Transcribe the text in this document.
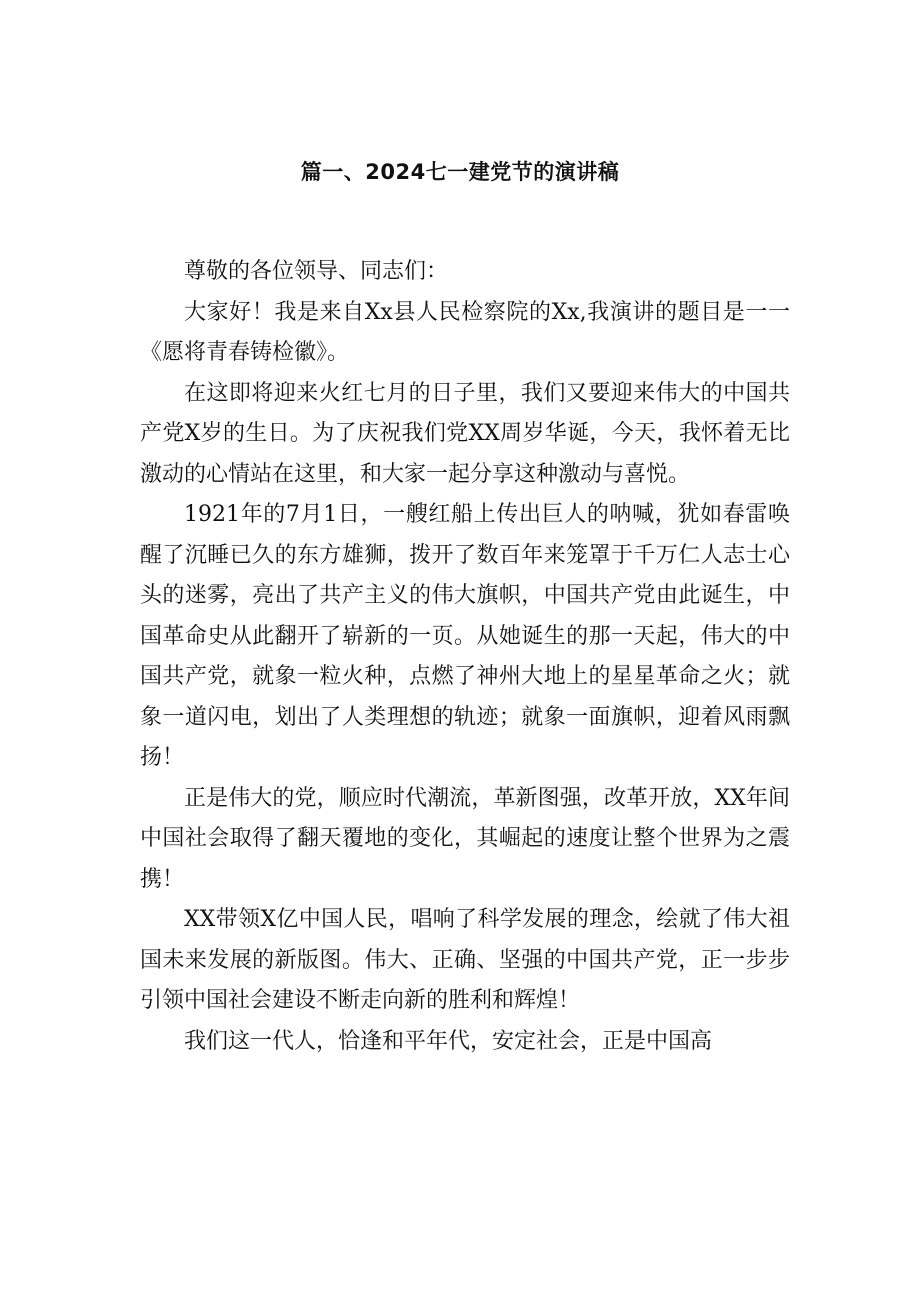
篇一、2024七一建党节的演讲稿

尊敬的各位领导、同志们：

大家好！我是来自Xx县人民检察院的Xx,我演讲的题目是一一《愿将青春铸检徽》。

在这即将迎来火红七月的日子里，我们又要迎来伟大的中国共产党X岁的生日。为了庆祝我们党XX周岁华诞，今天，我怀着无比激动的心情站在这里，和大家一起分享这种激动与喜悦。

1921年的7月1日，一艘红船上传出巨人的呐喊，犹如春雷唤醒了沉睡已久的东方雄狮，拨开了数百年来笼罩于千万仁人志士心头的迷雾，亮出了共产主义的伟大旗帜，中国共产党由此诞生，中国革命史从此翻开了崭新的一页。从她诞生的那一天起，伟大的中国共产党，就象一粒火种，点燃了神州大地上的星星革命之火；就象一道闪电，划出了人类理想的轨迹；就象一面旗帜，迎着风雨飘扬！

正是伟大的党，顺应时代潮流，革新图强，改革开放，XX年间中国社会取得了翻天覆地的变化，其崛起的速度让整个世界为之震携！

XX带领X亿中国人民，唱响了科学发展的理念，绘就了伟大祖国未来发展的新版图。伟大、正确、坚强的中国共产党，正一步步引领中国社会建设不断走向新的胜利和辉煌！

我们这一代人，恰逢和平年代，安定社会，正是中国高
